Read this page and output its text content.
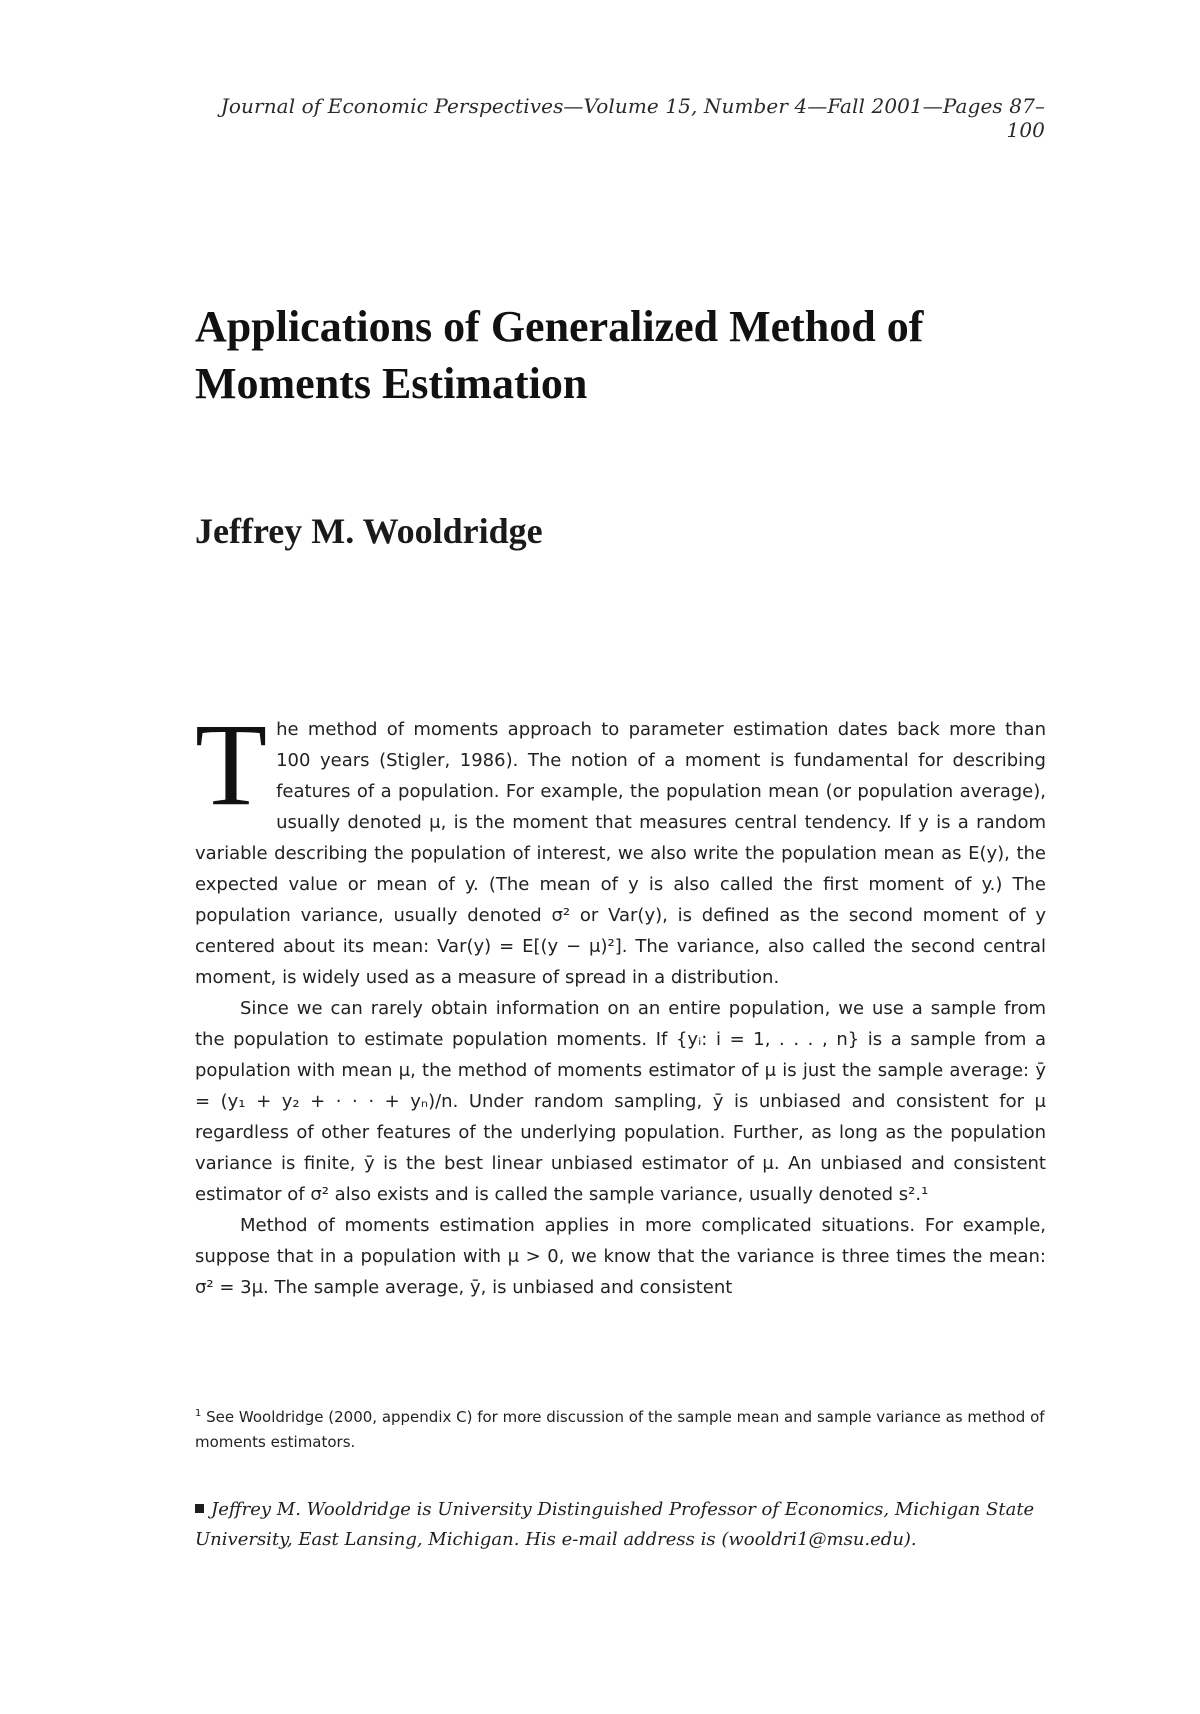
Journal of Economic Perspectives—Volume 15, Number 4—Fall 2001—Pages 87–100
Applications of Generalized Method of Moments Estimation
Jeffrey M. Wooldridge

The method of moments approach to parameter estimation dates back more than 100 years (Stigler, 1986). The notion of a moment is fundamental for describing features of a population. For example, the population mean (or population average), usually denoted μ, is the moment that measures central tendency. If y is a random variable describing the population of interest, we also write the population mean as E(y), the expected value or mean of y. (The mean of y is also called the first moment of y.) The population variance, usually denoted σ² or Var(y), is defined as the second moment of y centered about its mean: Var(y) = E[(y − μ)²]. The variance, also called the second central moment, is widely used as a measure of spread in a distribution.

Since we can rarely obtain information on an entire population, we use a sample from the population to estimate population moments. If {yᵢ: i = 1, . . . , n} is a sample from a population with mean μ, the method of moments estimator of μ is just the sample average: ȳ = (y₁ + y₂ + · · · + yₙ)/n. Under random sampling, ȳ is unbiased and consistent for μ regardless of other features of the underlying population. Further, as long as the population variance is finite, ȳ is the best linear unbiased estimator of μ. An unbiased and consistent estimator of σ² also exists and is called the sample variance, usually denoted s².¹

Method of moments estimation applies in more complicated situations. For example, suppose that in a population with μ > 0, we know that the variance is three times the mean: σ² = 3μ. The sample average, ȳ, is unbiased and consistent

$^1$ See Wooldridge (2000, appendix C) for more discussion of the sample mean and sample variance as method of moments estimators.
Jeffrey M. Wooldridge is University Distinguished Professor of Economics, Michigan State University, East Lansing, Michigan. His e-mail address is (wooldri1@msu.edu).
